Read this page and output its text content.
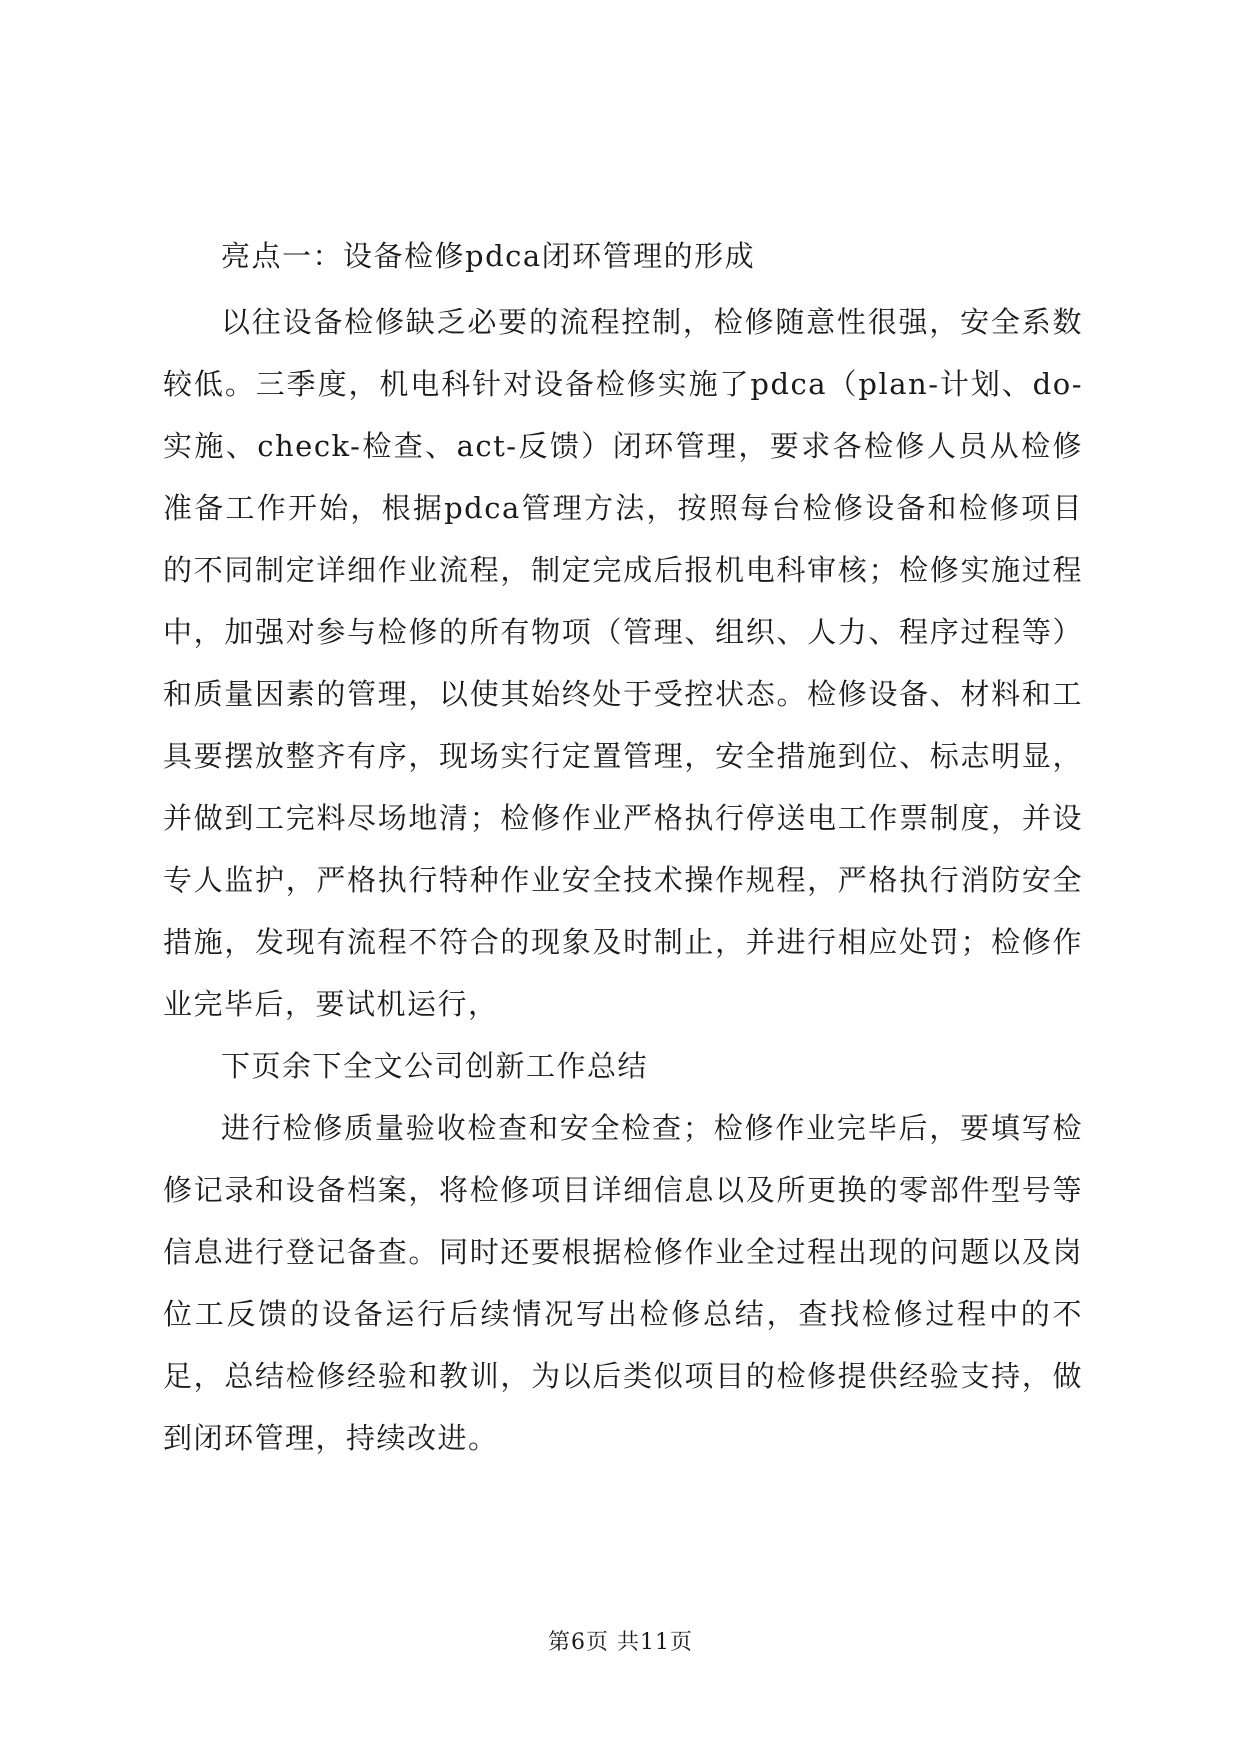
亮点一：设备检修pdca闭环管理的形成

以往设备检修缺乏必要的流程控制，检修随意性很强，安全系数较低。三季度，机电科针对设备检修实施了pdca（plan-计划、do-实施、check-检查、act-反馈）闭环管理，要求各检修人员从检修准备工作开始，根据pdca管理方法，按照每台检修设备和检修项目的不同制定详细作业流程，制定完成后报机电科审核；检修实施过程中，加强对参与检修的所有物项（管理、组织、人力、程序过程等）和质量因素的管理，以使其始终处于受控状态。检修设备、材料和工具要摆放整齐有序，现场实行定置管理，安全措施到位、标志明显，并做到工完料尽场地清；检修作业严格执行停送电工作票制度，并设专人监护，严格执行特种作业安全技术操作规程，严格执行消防安全措施，发现有流程不符合的现象及时制止，并进行相应处罚；检修作业完毕后，要试机运行，

下页余下全文公司创新工作总结

进行检修质量验收检查和安全检查；检修作业完毕后，要填写检修记录和设备档案，将检修项目详细信息以及所更换的零部件型号等信息进行登记备查。同时还要根据检修作业全过程出现的问题以及岗位工反馈的设备运行后续情况写出检修总结，查找检修过程中的不足，总结检修经验和教训，为以后类似项目的检修提供经验支持，做到闭环管理，持续改进。

第6页 共11页
